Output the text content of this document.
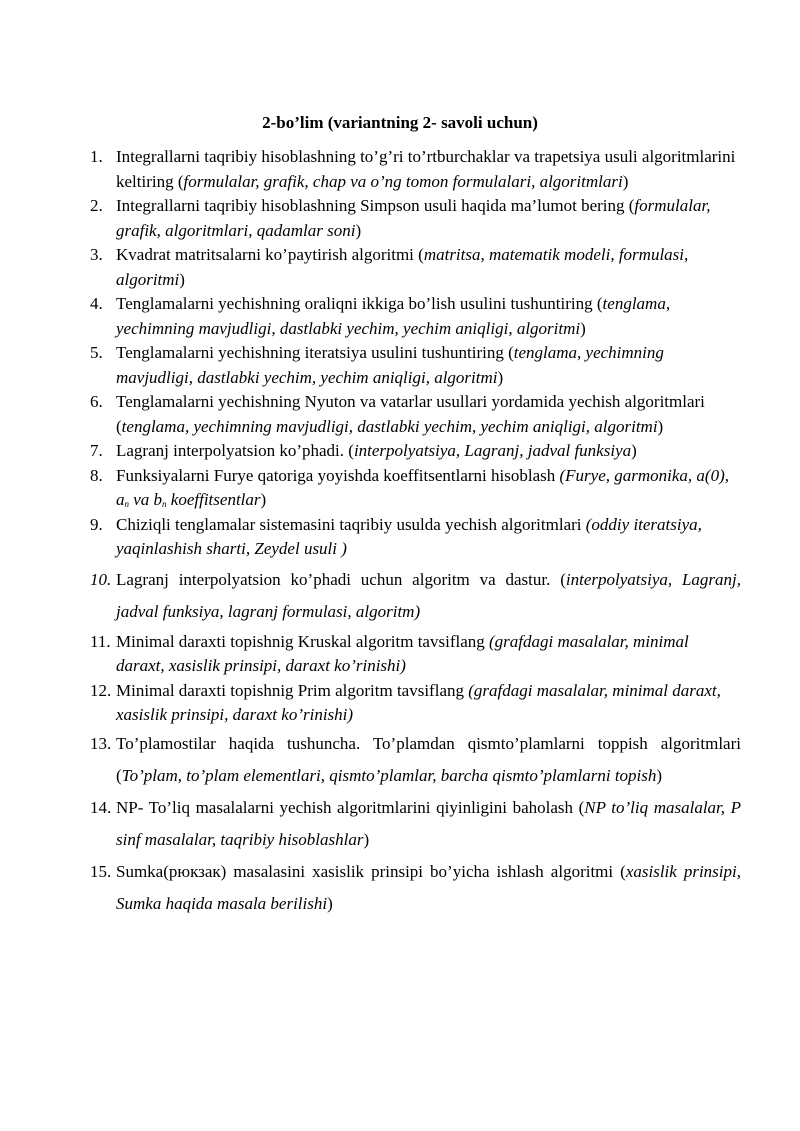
2-bo’lim (variantning 2- savoli uchun)
1. Integrallarni taqribiy hisoblashning to’g’ri to’rtburchaklar va trapetsiya usuli algoritmlarini keltiring (formulalar, grafik, chap va o’ng tomon formulalari, algoritmlari)
2. Integrallarni taqribiy hisoblashning Simpson usuli haqida ma’lumot bering (formulalar, grafik, algoritmlari, qadamlar soni)
3. Kvadrat matritsalarni ko’paytirish algoritmi (matritsa, matematik modeli, formulasi, algoritmi)
4. Tenglamalarni yechishning oraliqni ikkiga bo’lish usulini tushuntiring (tenglama, yechimning mavjudligi, dastlabki yechim, yechim aniqligi, algoritmi)
5. Tenglamalarni yechishning iteratsiya usulini tushuntiring (tenglama, yechimning mavjudligi, dastlabki yechim, yechim aniqligi, algoritmi)
6. Tenglamalarni yechishning Nyuton va vatarlar usullari yordamida yechish algoritmlari (tenglama, yechimning mavjudligi, dastlabki yechim, yechim aniqligi, algoritmi)
7. Lagranj interpolyatsion ko’phadi. (interpolyatsiya, Lagranj, jadval funksiya)
8. Funksiyalarni Furye qatoriga yoyishda koeffitsentlarni hisoblash (Furye, garmonika, a(0), $a_n$ va $b_n$ koeffitsentlar)
9. Chiziqli tenglamalar sistemasini taqribiy usulda yechish algoritmlari (oddiy iteratsiya, yaqinlashish sharti, Zeydel usuli )
10. Lagranj interpolyatsion ko’phadi uchun algoritm va dastur. (interpolyatsiya, Lagranj, jadval funksiya, lagranj formulasi, algoritm)
11. Minimal daraxti topishnig Kruskal algoritm tavsiflang (grafdagi masalalar, minimal daraxt, xasislik prinsipi, daraxt ko’rinishi)
12. Minimal daraxti topishnig Prim algoritm tavsiflang (grafdagi masalalar, minimal daraxt, xasislik prinsipi, daraxt ko’rinishi)
13. To’plamostilar haqida tushuncha. To’plamdan qismto’plamlarni toppish algoritmlari (To’plam, to’plam elementlari, qismto’plamlar, barcha qismto’plamlarni topish)
14. NP- To’liq masalalarni yechish algoritmlarini qiyinligini baholash (NP to’liq masalalar, P sinf masalalar, taqribiy hisoblashlar)
15. Sumka(рюкзак) masalasini xasislik prinsipi bo’yicha ishlash algoritmi (xasislik prinsipi, Sumka haqida masala berilishi)
